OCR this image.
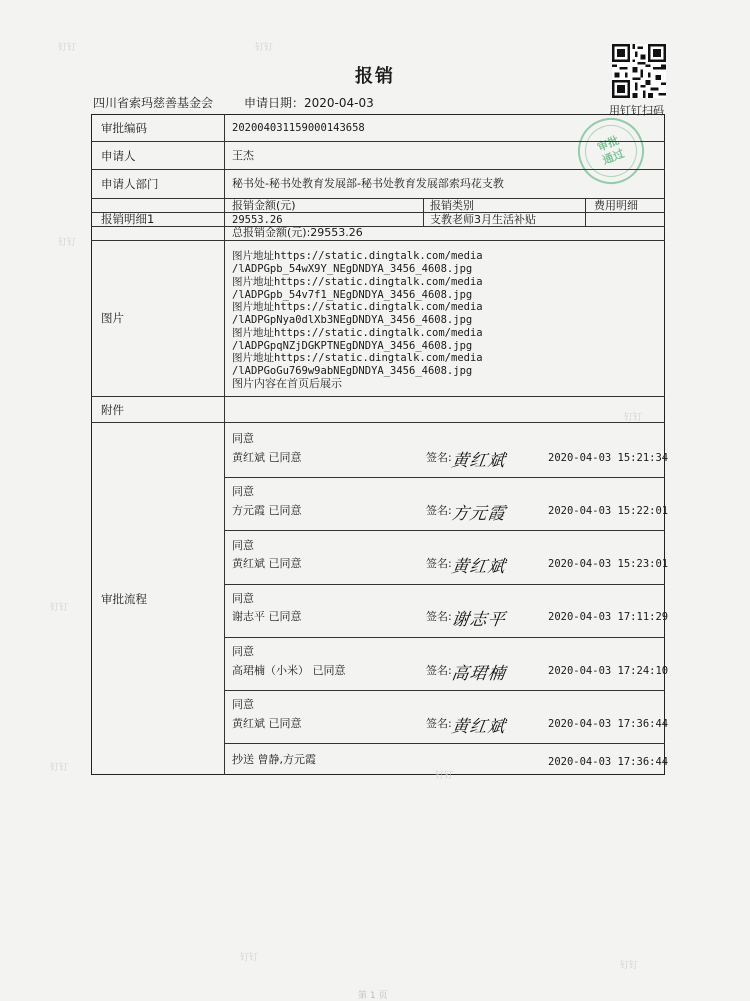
报销
四川省索玛慈善基金会	申请日期：2020-04-03
用钉钉扫码
审批
通过
审批编码	202004031159000143658
申请人	王杰
申请人部门	秘书处-秘书处教育发展部-秘书处教育发展部索玛花支教
报销明细1
报销金额(元)	报销类别	费用明细
29553.26	支教老师3月生活补贴
总报销金额(元):29553.26
图片
图片地址https://static.dingtalk.com/media
/lADPGpb_54wX9Y_NEgDNDYA_3456_4608.jpg
图片地址https://static.dingtalk.com/media
/lADPGpb_54v7f1_NEgDNDYA_3456_4608.jpg
图片地址https://static.dingtalk.com/media
/lADPGpNya0dlXb3NEgDNDYA_3456_4608.jpg
图片地址https://static.dingtalk.com/media
/lADPGpqNZjDGKPTNEgDNDYA_3456_4608.jpg
图片地址https://static.dingtalk.com/media
/lADPGoGu769w9abNEgDNDYA_3456_4608.jpg
图片内容在首页后展示
附件
审批流程
同意
黄红斌 已同意	签名:
黄红斌	2020-04-03 15:21:34
同意
方元霞 已同意	签名:
方元霞	2020-04-03 15:22:01
同意
黄红斌 已同意	签名:
黄红斌	2020-04-03 15:23:01
同意
谢志平 已同意	签名:
谢志平	2020-04-03 17:11:29
同意
高珺楠（小米） 已同意	签名:
高珺楠	2020-04-03 17:24:10
同意
黄红斌 已同意	签名:
黄红斌	2020-04-03 17:36:44
抄送 曾静,方元霞	2020-04-03 17:36:44
钉钉	钉钉
钉钉
钉钉
钉钉
钉钉
钉钉
钉钉
钉钉
第 1 页
